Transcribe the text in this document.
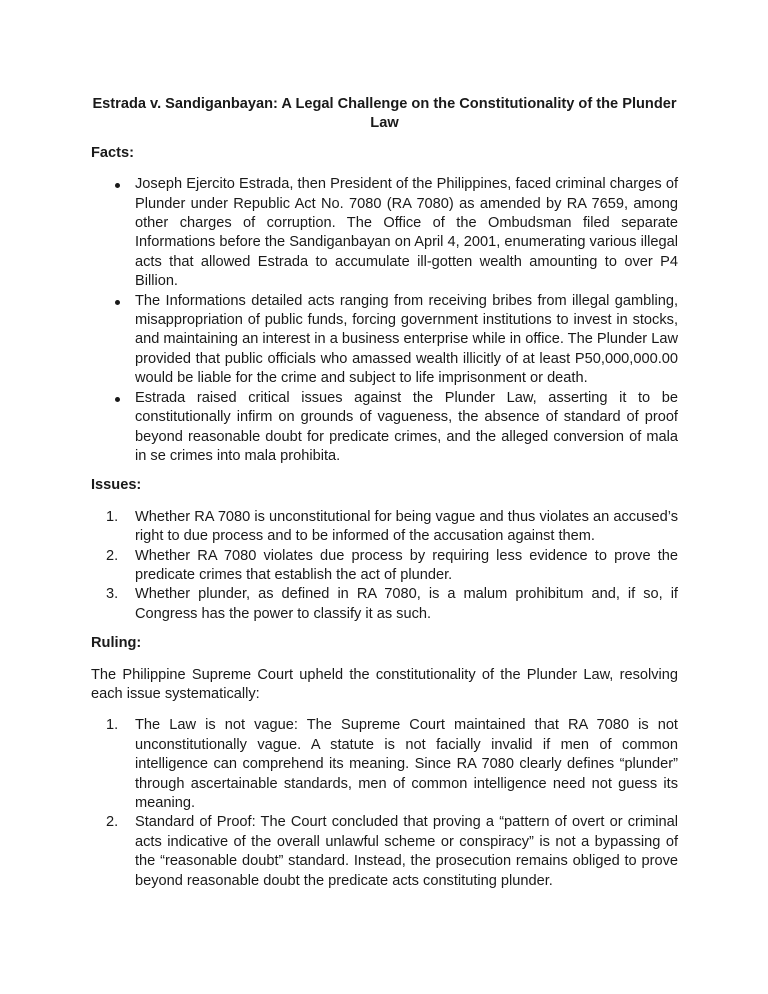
Estrada v. Sandiganbayan: A Legal Challenge on the Constitutionality of the Plunder Law
Facts:
Joseph Ejercito Estrada, then President of the Philippines, faced criminal charges of Plunder under Republic Act No. 7080 (RA 7080) as amended by RA 7659, among other charges of corruption. The Office of the Ombudsman filed separate Informations before the Sandiganbayan on April 4, 2001, enumerating various illegal acts that allowed Estrada to accumulate ill-gotten wealth amounting to over P4 Billion.
The Informations detailed acts ranging from receiving bribes from illegal gambling, misappropriation of public funds, forcing government institutions to invest in stocks, and maintaining an interest in a business enterprise while in office. The Plunder Law provided that public officials who amassed wealth illicitly of at least P50,000,000.00 would be liable for the crime and subject to life imprisonment or death.
Estrada raised critical issues against the Plunder Law, asserting it to be constitutionally infirm on grounds of vagueness, the absence of standard of proof beyond reasonable doubt for predicate crimes, and the alleged conversion of mala in se crimes into mala prohibita.
Issues:
1. Whether RA 7080 is unconstitutional for being vague and thus violates an accused’s right to due process and to be informed of the accusation against them.
2. Whether RA 7080 violates due process by requiring less evidence to prove the predicate crimes that establish the act of plunder.
3. Whether plunder, as defined in RA 7080, is a malum prohibitum and, if so, if Congress has the power to classify it as such.
Ruling:

The Philippine Supreme Court upheld the constitutionality of the Plunder Law, resolving each issue systematically:

1. The Law is not vague: The Supreme Court maintained that RA 7080 is not unconstitutionally vague. A statute is not facially invalid if men of common intelligence can comprehend its meaning. Since RA 7080 clearly defines “plunder” through ascertainable standards, men of common intelligence need not guess its meaning.
2. Standard of Proof: The Court concluded that proving a “pattern of overt or criminal acts indicative of the overall unlawful scheme or conspiracy” is not a bypassing of the “reasonable doubt” standard. Instead, the prosecution remains obliged to prove beyond reasonable doubt the predicate acts constituting plunder.
